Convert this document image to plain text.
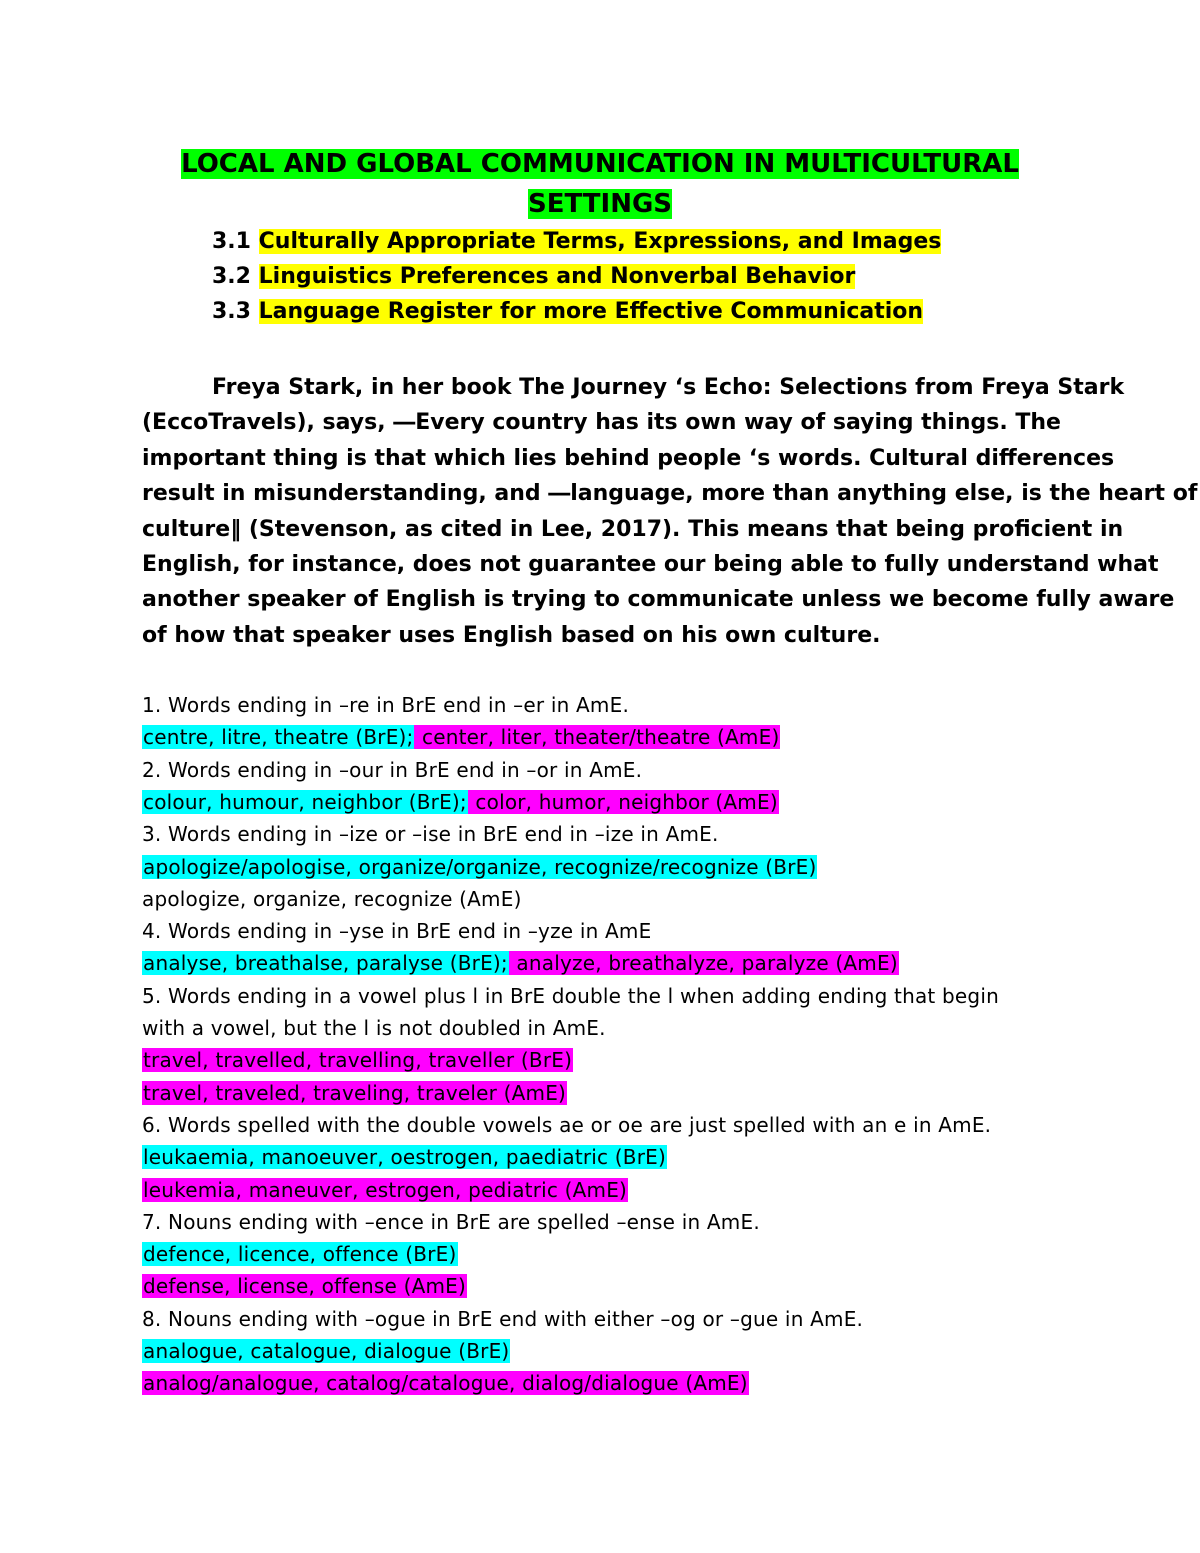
LOCAL AND GLOBAL COMMUNICATION IN MULTICULTURAL
SETTINGS
3.1 Culturally Appropriate Terms, Expressions, and Images
3.2 Linguistics Preferences and Nonverbal Behavior
3.3 Language Register for more Effective Communication
Freya Stark, in her book The Journey ‘s Echo: Selections from Freya Stark
(EccoTravels), says, ―Every country has its own way of saying things. The
important thing is that which lies behind people ‘s words. Cultural differences
result in misunderstanding, and ―language, more than anything else, is the heart of
culture‖ (Stevenson, as cited in Lee, 2017). This means that being proficient in
English, for instance, does not guarantee our being able to fully understand what
another speaker of English is trying to communicate unless we become fully aware
of how that speaker uses English based on his own culture.
1. Words ending in –re in BrE end in –er in AmE.
centre, litre, theatre (BrE); center, liter, theater/theatre (AmE)
2. Words ending in –our in BrE end in –or in AmE.
colour, humour, neighbor (BrE); color, humor, neighbor (AmE)
3. Words ending in –ize or –ise in BrE end in –ize in AmE.
apologize/apologise, organize/organize, recognize/recognize (BrE)
apologize, organize, recognize (AmE)
4. Words ending in –yse in BrE end in –yze in AmE
analyse, breathalse, paralyse (BrE); analyze, breathalyze, paralyze (AmE)
5. Words ending in a vowel plus l in BrE double the l when adding ending that begin
with a vowel, but the l is not doubled in AmE.
travel, travelled, travelling, traveller (BrE)
travel, traveled, traveling, traveler (AmE)
6. Words spelled with the double vowels ae or oe are just spelled with an e in AmE.
leukaemia, manoeuver, oestrogen, paediatric (BrE)
leukemia, maneuver, estrogen, pediatric (AmE)
7. Nouns ending with –ence in BrE are spelled –ense in AmE.
defence, licence, offence (BrE)
defense, license, offense (AmE)
8. Nouns ending with –ogue in BrE end with either –og or –gue in AmE.
analogue, catalogue, dialogue (BrE)
analog/analogue, catalog/catalogue, dialog/dialogue (AmE)
